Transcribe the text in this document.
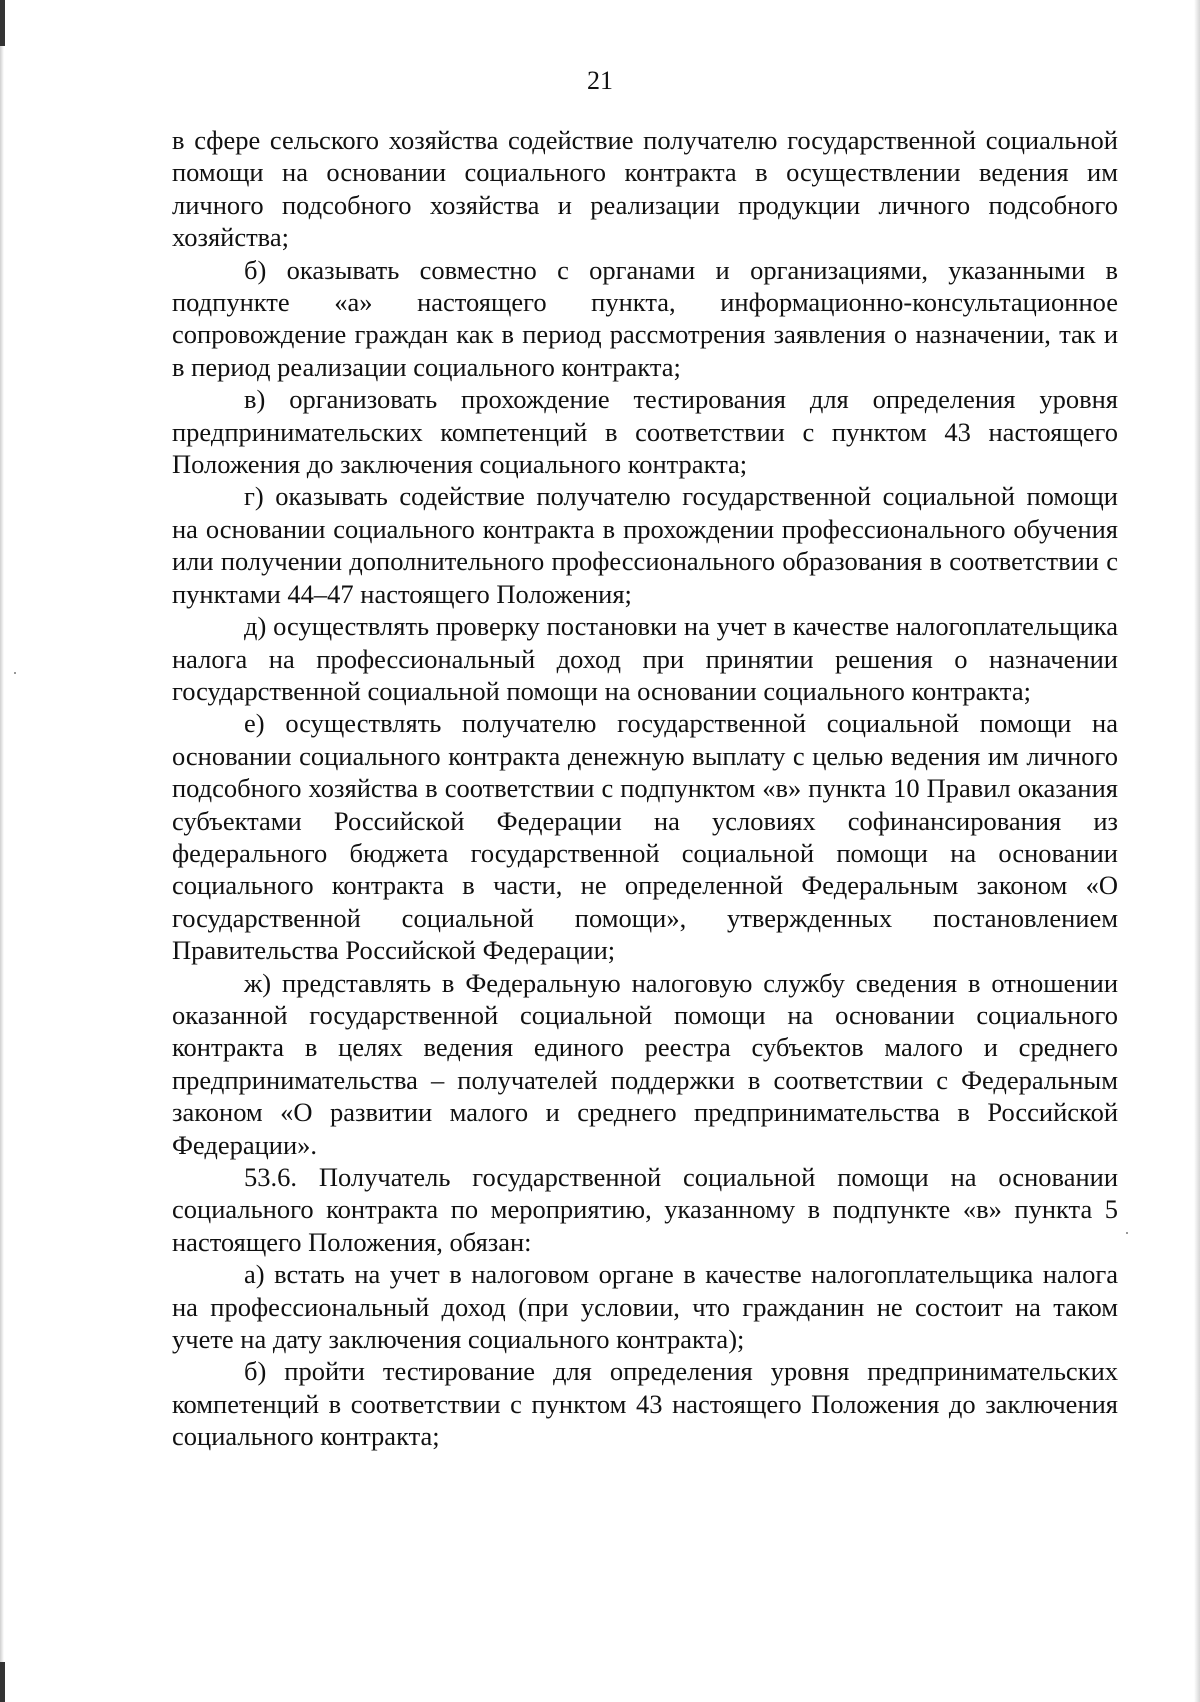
21

в сфере сельского хозяйства содействие получателю государственной социальной помощи на основании социального контракта в осуществлении ведения им личного подсобного хозяйства и реализации продукции личного подсобного хозяйства;

б) оказывать совместно с органами и организациями, указанными в подпункте «а» настоящего пункта, информационно-консультационное сопровождение граждан как в период рассмотрения заявления о назначении, так и в период реализации социального контракта;

в) организовать прохождение тестирования для определения уровня предпринимательских компетенций в соответствии с пунктом 43 настоящего Положения до заключения социального контракта;

г) оказывать содействие получателю государственной социальной помощи на основании социального контракта в прохождении профессионального обучения или получении дополнительного профессионального образования в соответствии с пунктами 44–47 настоящего Положения;

д) осуществлять проверку постановки на учет в качестве налогоплательщика налога на профессиональный доход при принятии решения о назначении государственной социальной помощи на основании социального контракта;

е) осуществлять получателю государственной социальной помощи на основании социального контракта денежную выплату с целью ведения им личного подсобного хозяйства в соответствии с подпунктом «в» пункта 10 Правил оказания субъектами Российской Федерации на условиях софинансирования из федерального бюджета государственной социальной помощи на основании социального контракта в части, не определенной Федеральным законом «О государственной социальной помощи», утвержденных постановлением Правительства Российской Федерации;

ж) представлять в Федеральную налоговую службу сведения в отношении оказанной государственной социальной помощи на основании социального контракта в целях ведения единого реестра субъектов малого и среднего предпринимательства – получателей поддержки в соответствии с Федеральным законом «О развитии малого и среднего предпринимательства в Российской Федерации».

53.6. Получатель государственной социальной помощи на основании социального контракта по мероприятию, указанному в подпункте «в» пункта 5 настоящего Положения, обязан:

а) встать на учет в налоговом органе в качестве налогоплательщика налога на профессиональный доход (при условии, что гражданин не состоит на таком учете на дату заключения социального контракта);

б) пройти тестирование для определения уровня предпринимательских компетенций в соответствии с пунктом 43 настоящего Положения до заключения социального контракта;
